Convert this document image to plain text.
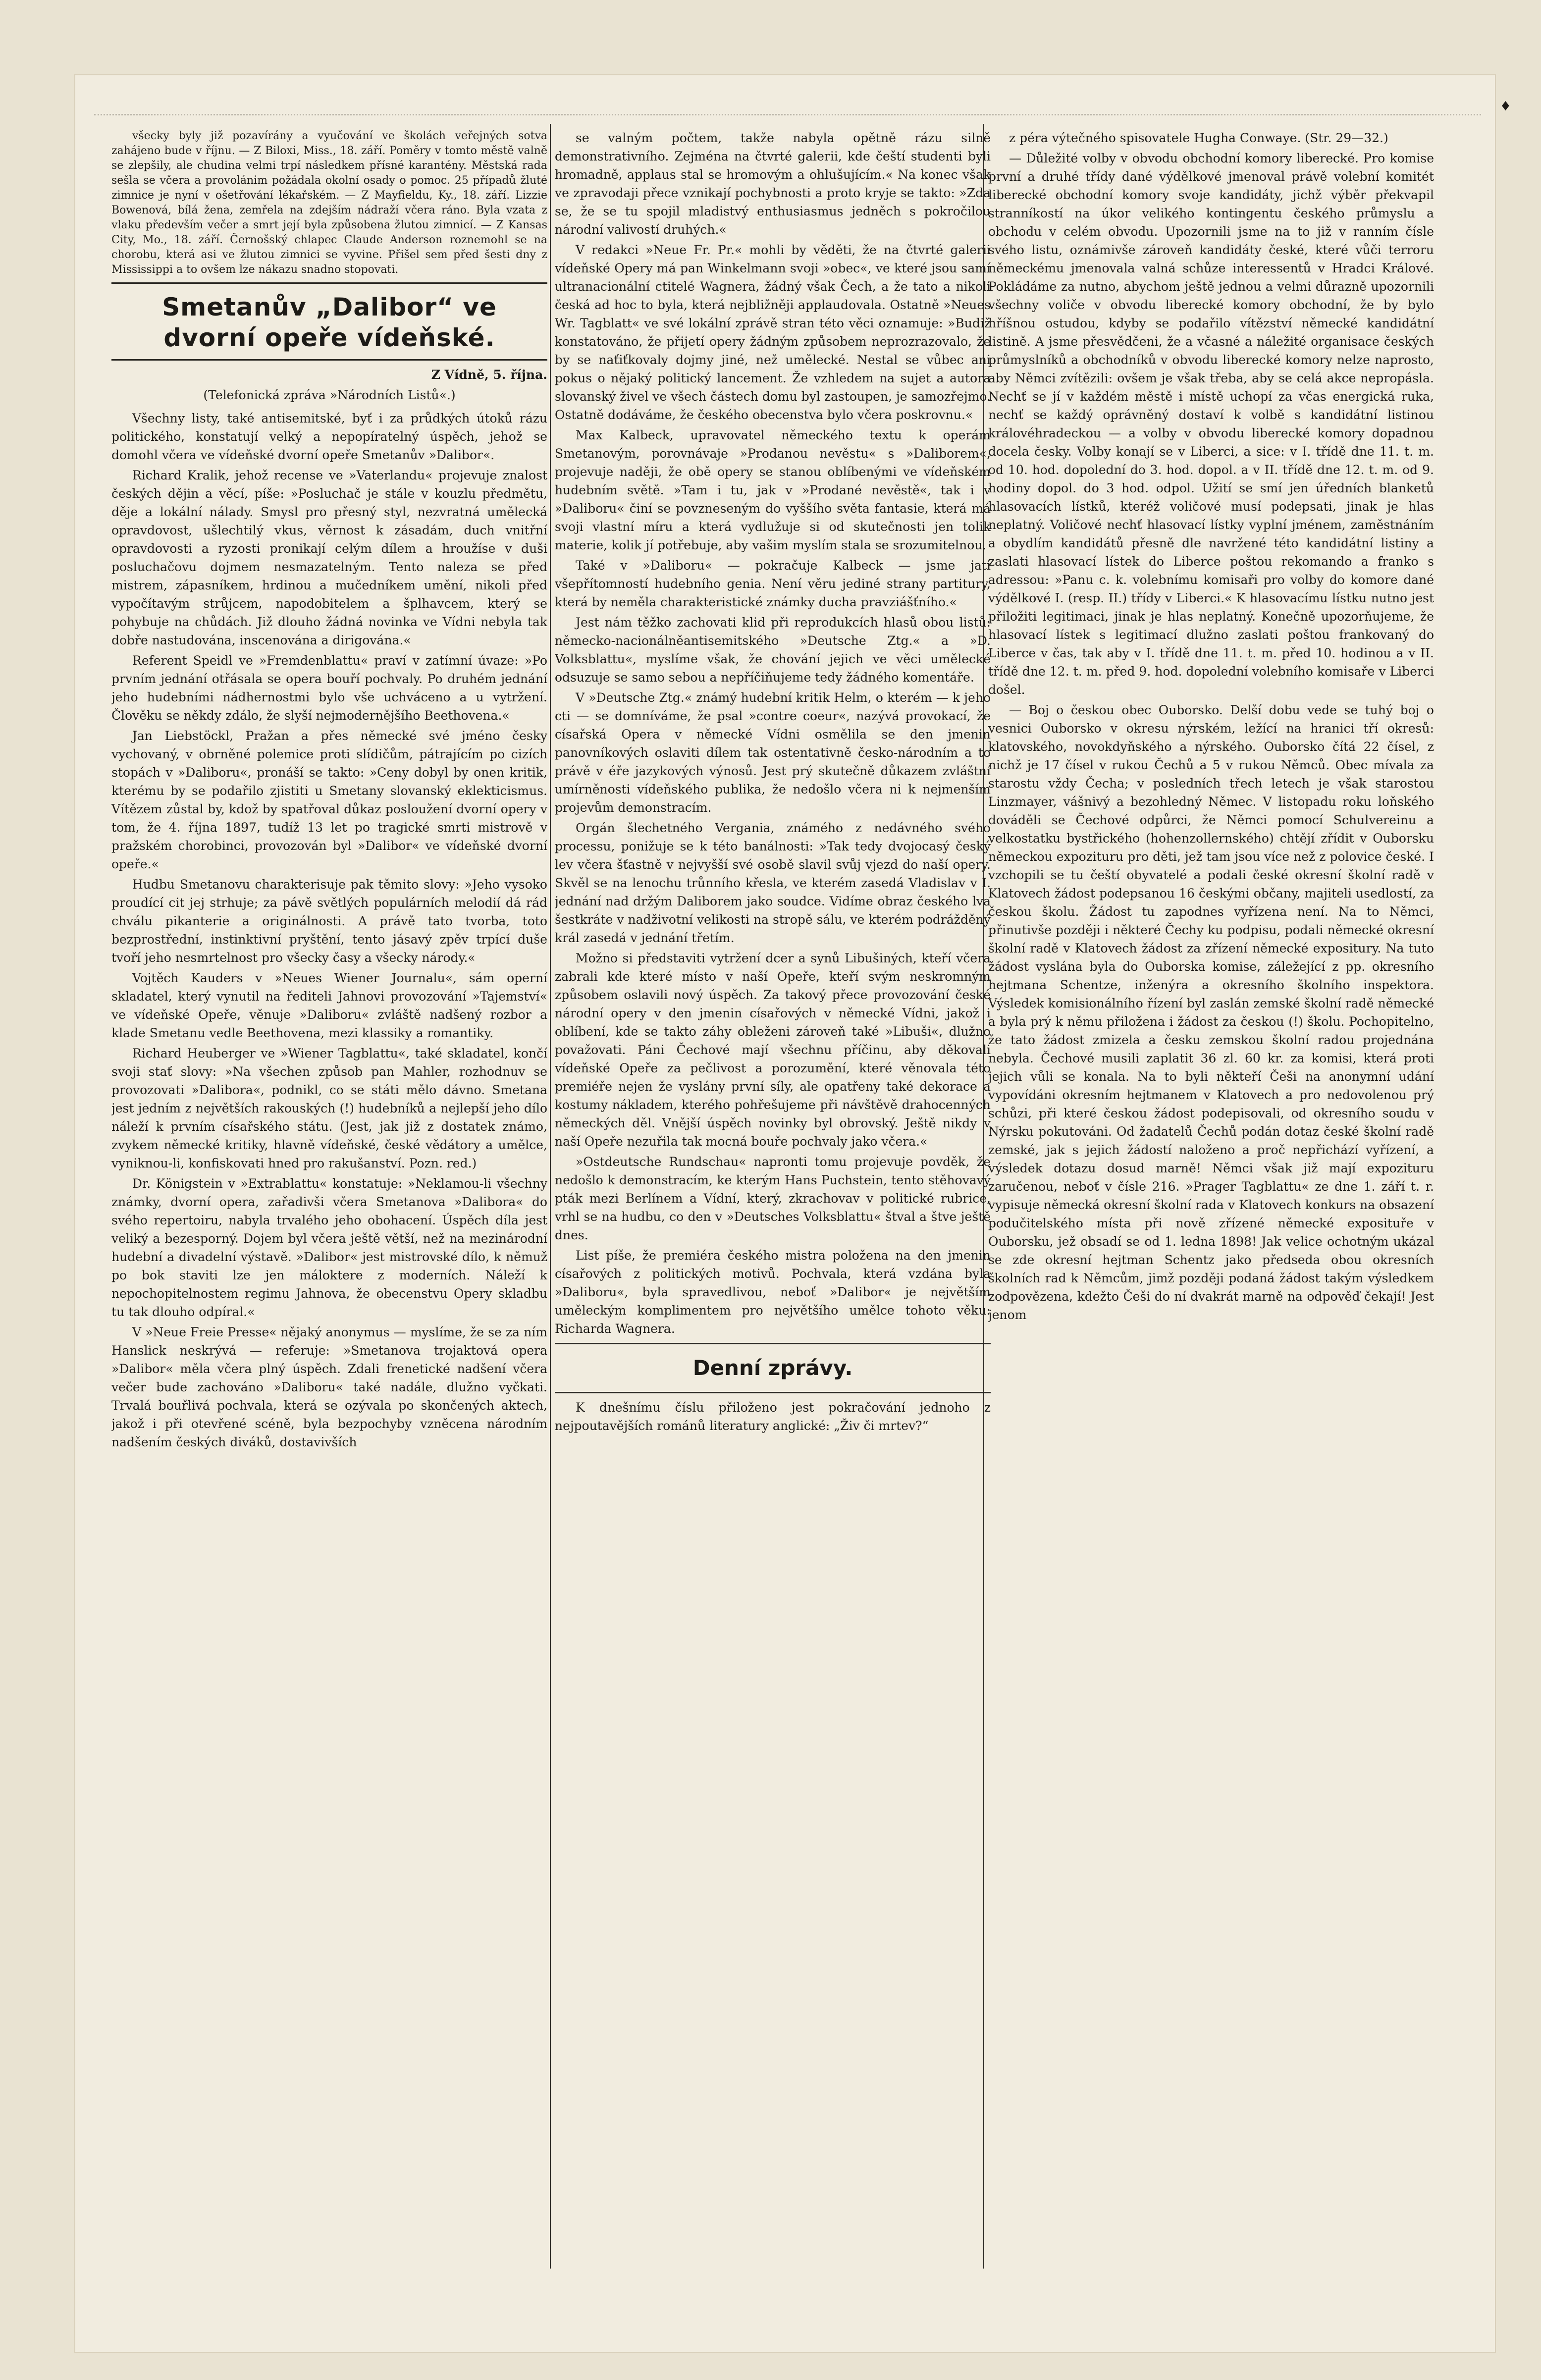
♦

všecky byly již pozavírány a vyučování ve školách veřejných sotva zahájeno bude v říjnu. — Z Biloxi, Miss., 18. září. Poměry v tomto městě valně se zlepšily, ale chudina velmi trpí následkem přísné karantény. Městská rada sešla se včera a provolánim požádala okolní osady o pomoc. 25 případů žluté zimnice je nyní v ošetřování lékařském. — Z Mayfieldu, Ky., 18. září. Lizzie Bowenová, bílá žena, zemřela na zdejším nádraží včera ráno. Byla vzata z vlaku především večer a smrt její byla způsobena žlutou zimnicí. — Z Kansas City, Mo., 18. září. Černošský chlapec Claude Anderson roznemohl se na chorobu, která asi ve žlutou zimnici se vyvine. Přišel sem před šesti dny z Mississippi a to ovšem lze nákazu snadno stopovati.

Smetanův „Dalibor“ ve dvorní opeře vídeňské.
Z Vídně, 5. října.
(Telefonická zpráva »Národních Listů«.)

Všechny listy, také antisemitské, byť i za průdkých útoků rázu politického, konstatují velký a nepopíratelný úspěch, jehož se domohl včera ve vídeňské dvorní opeře Smetanův »Dalibor«.

Richard Kralik, jehož recense ve »Vaterlandu« projevuje znalost českých dějin a věcí, píše: »Posluchač je stále v kouzlu předmětu, děje a lokální nálady. Smysl pro přesný styl, nezvratná umělecká opravdovost, ušlechtilý vkus, věrnost k zásadám, duch vnitřní opravdovosti a ryzosti pronikají celým dílem a hroužíse v duši posluchačovu dojmem nesmazatelným. Tento naleza se před mistrem, zápasníkem, hrdinou a mučedníkem umění, nikoli před vypočítavým strůjcem, napodobitelem a šplhavcem, který se pohybuje na chůdách. Již dlouho žádná novinka ve Vídni nebyla tak dobře nastudována, inscenována a dirigována.«

Referent Speidl ve »Fremdenblattu« praví v zatímní úvaze: »Po prvním jednání otřásala se opera bouří pochvaly. Po druhém jednání jeho hudebními nádhernostmi bylo vše uchváceno a u vytržení. Člověku se někdy zdálo, že slyší nejmodernějšího Beethovena.«

Jan Liebstöckl, Pražan a přes německé své jméno česky vychovaný, v obrněné polemice proti slídičům, pátrajícím po cizích stopách v »Daliboru«, pronáší se takto: »Ceny dobyl by onen kritik, kterému by se podařilo zjistiti u Smetany slovanský eklekticismus. Vítězem zůstal by, kdož by spatřoval důkaz posloužení dvorní opery v tom, že 4. října 1897, tudíž 13 let po tragické smrti mistrově v pražském chorobinci, provozován byl »Dalibor« ve vídeňské dvorní opeře.«

Hudbu Smetanovu charakterisuje pak těmito slovy: »Jeho vysoko proudící cit jej strhuje; za pávě světlých populárních melodií dá ráď chválu pikanterie a originálnosti. A právě tato tvorba, toto bezprostřední, instinktivní pryštění, tento jásavý zpěv trpící duše tvoří jeho nesmrtelnost pro všecky časy a všecky národy.«

Vojtěch Kauders v »Neues Wiener Journalu«, sám operní skladatel, který vynutil na řediteli Jahnovi provozování »Tajemství« ve vídeňské Opeře, věnuje »Daliboru« zvláště nadšený rozbor a klade Smetanu vedle Beethovena, mezi klassiky a romantiky.

Richard Heuberger ve »Wiener Tagblattu«, také skladatel, končí svoji stať slovy: »Na všechen způsob pan Mahler, rozhodnuv se provozovati »Dalibora«, podnikl, co se státi mělo dávno. Smetana jest jedním z největších rakouských (!) hudebníků a nejlepší jeho dílo náleží k prvním císařského státu. (Jest, jak již z dostatek známo, zvykem německé kritiky, hlavně vídeňské, české vědátory a umělce, vyniknou-li, konfiskovati hned pro rakušanství. Pozn. red.)

Dr. Königstein v »Extrablattu« konstatuje: »Neklamou-li všechny známky, dvorní opera, zařadivši včera Smetanova »Dalibora« do svého repertoiru, nabyla trvalého jeho obohacení. Úspěch díla jest veliký a bezesporný. Dojem byl včera ještě větší, než na mezinárodní hudební a divadelní výstavě. »Dalibor« jest mistrovské dílo, k němuž po bok staviti lze jen máloktere z moderních. Náleží k nepochopitelnostem regimu Jahnova, že obecenstvu Opery skladbu tu tak dlouho odpíral.«

V »Neue Freie Presse« nějaký anonymus — myslíme, že se za ním Hanslick neskrývá — referuje: »Smetanova trojaktová opera »Dalibor« měla včera plný úspěch. Zdali frenetické nadšení včera večer bude zachováno »Daliboru« také nadále, dlužno vyčkati. Trvalá bouřlivá pochvala, která se ozývala po skončených aktech, jakož i při otevřené scéně, byla bezpochyby vzněcena národním nadšením českých diváků, dostavivších

se valným počtem, takže nabyla opětně rázu silně demonstrativního. Zejména na čtvrté galerii, kde čeští studenti byli hromadně, applaus stal se hromovým a ohlušujícím.« Na konec však ve zpravodaji přece vznikají pochybnosti a proto kryje se takto: »Zda se, že se tu spojil mladistvý enthusiasmus jedněch s pokročilou národní valivostí druhých.«

V redakci »Neue Fr. Pr.« mohli by věděti, že na čtvrté galerii vídeňské Opery má pan Winkelmann svoji »obec«, ve které jsou samí ultranacionální ctitelé Wagnera, žádný však Čech, a že tato a nikoli česká ad hoc to byla, která nejbližněji applaudovala. Ostatně »Neues Wr. Tagblatt« ve své lokální zprávě stran této věci oznamuje: »Budiž konstatováno, že přijetí opery žádným způsobem neprozrazovalo, že by se naťiťkovaly dojmy jiné, než umělecké. Nestal se vůbec ani pokus o nějaký politický lancement. Že vzhledem na sujet a autora slovanský živel ve všech částech domu byl zastoupen, je samozřejmo. Ostatně dodáváme, že českého obecenstva bylo včera poskrovnu.«

Max Kalbeck, upravovatel německého textu k operám Smetanovým, porovnávaje »Prodanou nevěstu« s »Daliborem«, projevuje naději, že obě opery se stanou oblíbenými ve vídeňském hudebním světě. »Tam i tu, jak v »Prodané nevěstě«, tak i v »Daliboru« činí se povzneseným do vyššího světa fantasie, která má svoji vlastní míru a která vydlužuje si od skutečnosti jen tolik materie, kolik jí potřebuje, aby vašim myslím stala se srozumitelnou.

Také v »Daliboru« — pokračuje Kalbeck — jsme jati všepřítomností hudebního genia. Není věru jediné strany partitury, která by neměla charakteristické známky ducha pravziášťního.«

Jest nám těžko zachovati klid při reprodukcích hlasů obou listů: německo-nacionálněantisemitského »Deutsche Ztg.« a »D. Volksblattu«, myslíme však, že chování jejich ve věci umělecké odsuzuje se samo sebou a nepříčiňujeme tedy žádného komentáře.

V »Deutsche Ztg.« známý hudební kritik Helm, o kterém — k jeho cti — se domníváme, že psal »contre coeur«, nazývá provokací, že císařská Opera v německé Vídni osmělila se den jmenin panovníkových oslaviti dílem tak ostentativně česko-národním a to právě v éře jazykových výnosů. Jest prý skutečně důkazem zvláštní umírněnosti vídeňského publika, že nedošlo včera ni k nejmenším projevům demonstracím.

Orgán šlechetného Vergania, známého z nedávného svého processu, ponižuje se k této banálnosti: »Tak tedy dvojocasý český lev včera šťastně v nejvyšší své osobě slavil svůj vjezd do naší opery. Skvěl se na lenochu trůnního křesla, ve kterém zasedá Vladislav v I. jednání nad držým Daliborem jako soudce. Vidíme obraz českého lva šestkráte v nadživotní velikosti na stropě sálu, ve kterém podrážděný král zasedá v jednání třetím.

Možno si představiti vytržení dcer a synů Libušiných, kteří včera zabrali kde které místo v naší Opeře, kteří svým neskromným způsobem oslavili nový úspěch. Za takový přece provozování české národní opery v den jmenin císařových v německé Vídni, jakož i oblíbení, kde se takto záhy obleženi zároveň také »Libuši«, dlužno považovati. Páni Čechové mají všechnu příčinu, aby děkovali vídeňské Opeře za pečlivost a porozumění, které věnovala této premiéře nejen že vyslány první síly, ale opatřeny také dekorace a kostumy nákladem, kterého pohřešujeme při návštěvě drahocenných německých děl. Vnější úspěch novinky byl obrovský. Ještě nikdy v naší Opeře nezuřila tak mocná bouře pochvaly jako včera.«

»Ostdeutsche Rundschau« napronti tomu projevuje povděk, že nedošlo k demonstracím, ke kterým Hans Puchstein, tento stěhovavý pták mezi Berlínem a Vídní, který, zkrachovav v politické rubrice, vrhl se na hudbu, co den v »Deutsches Volksblattu« štval a štve ještě dnes.

List píše, že premiéra českého mistra položena na den jmenin císařových z politických motivů. Pochvala, která vzdána byla »Daliboru«, byla spravedlivou, neboť »Dalibor« je největším uměleckým komplimentem pro největšího umělce tohoto věku: Richarda Wagnera.

Denní zprávy.

K dnešnímu číslu přiloženo jest pokračování jednoho z nejpoutavějších románů literatury anglické: „Živ či mrtev?“

z péra výtečného spisovatele Hugha Conwaye. (Str. 29—32.)

— Důležité volby v obvodu obchodní komory liberecké. Pro komise první a druhé třídy dané výdělkové jmenoval právě volební komitét liberecké obchodní komory svoje kandidáty, jichž výběr překvapil stranníkostí na úkor velikého kontingentu českého průmyslu a obchodu v celém obvodu. Upozornili jsme na to již v ranním čísle svého listu, oznámivše zároveň kandidáty české, které vůči terroru německému jmenovala valná schůze interessentů v Hradci Králové. Pokládáme za nutno, abychom ještě jednou a velmi důrazně upozornili všechny voliče v obvodu liberecké komory obchodní, že by bylo hříšnou ostudou, kdyby se podařilo vítězství německé kandidátní listině. A jsme přesvědčeni, že a včasné a náležité organisace českých průmyslníků a obchodníků v obvodu liberecké komory nelze naprosto, aby Němci zvítězili: ovšem je však třeba, aby se celá akce nepropásla. Nechť se jí v každém městě i místě uchopí za včas energická ruka, nechť se každý oprávněný dostaví k volbě s kandidátní listinou královéhradeckou — a volby v obvodu liberecké komory dopadnou docela česky. Volby konají se v Liberci, a sice: v I. třídě dne 11. t. m. od 10. hod. dopolední do 3. hod. dopol. a v II. třídě dne 12. t. m. od 9. hodiny dopol. do 3 hod. odpol. Užití se smí jen úředních blanketů hlasovacích lístků, kteréž voličové musí podepsati, jinak je hlas neplatný. Voličové nechť hlasovací lístky vyplní jménem, zaměstnáním a obydlím kandidátů přesně dle navržené této kandidátní listiny a zaslati hlasovací lístek do Liberce poštou rekomando a franko s adressou: »Panu c. k. volebnímu komisaři pro volby do komore dané výdělkové I. (resp. II.) třídy v Liberci.« K hlasovacímu lístku nutno jest přiložiti legitimaci, jinak je hlas neplatný. Konečně upozorňujeme, že hlasovací lístek s legitimací dlužno zaslati poštou frankovaný do Liberce v čas, tak aby v I. třídě dne 11. t. m. před 10. hodinou a v II. třídě dne 12. t. m. před 9. hod. dopolední volebního komisaře v Liberci došel.

— Boj o českou obec Ouborsko. Delší dobu vede se tuhý boj o vesnici Ouborsko v okresu nýrském, ležící na hranici tří okresů: klatovského, novokdyňského a nýrského. Ouborsko čítá 22 čísel, z nichž je 17 čísel v rukou Čechů a 5 v rukou Němců. Obec mívala za starostu vždy Čecha; v posledních třech letech je však starostou Linzmayer, vášnivý a bezohledný Němec. V listopadu roku loňského dováděli se Čechové odpůrci, že Němci pomocí Schulvereinu a velkostatku bystřického (hohenzollernského) chtějí zřídit v Ouborsku německou expozituru pro děti, jež tam jsou více než z polovice české. I vzchopili se tu čeští obyvatelé a podali české okresní školní radě v Klatovech žádost podepsanou 16 českými občany, majiteli usedlostí, za českou školu. Žádost tu zapodnes vyřízena není. Na to Němci, přinutivše později i některé Čechy ku podpisu, podali německé okresní školní radě v Klatovech žádost za zřízení německé expositury. Na tuto žádost vyslána byla do Ouborska komise, záležející z pp. okresního hejtmana Schentze, inženýra a okresního školního inspektora. Výsledek komisionálního řízení byl zaslán zemské školní radě německé a byla prý k němu přiložena i žádost za českou (!) školu. Pochopitelno, že tato žádost zmizela a česku zemskou školní radou projednána nebyla. Čechové musili zaplatit 36 zl. 60 kr. za komisi, která proti jejich vůli se konala. Na to byli někteří Češi na anonymní udání vypovídáni okresním hejtmanem v Klatovech a pro nedovolenou prý schůzi, při které českou žádost podepisovali, od okresního soudu v Nýrsku pokutováni. Od žadatelů Čechů podán dotaz české školní radě zemské, jak s jejich žádostí naloženo a proč nepřichází vyřízení, a výsledek dotazu dosud marně! Němci však již mají expozituru zaručenou, neboť v čísle 216. »Prager Tagblattu« ze dne 1. září t. r. vypisuje německá okresní školní rada v Klatovech konkurs na obsazení podučitelského místa při nově zřízené německé exposituře v Ouborsku, jež obsadí se od 1. ledna 1898! Jak velice ochotným ukázal se zde okresní hejtman Schentz jako předseda obou okresních školních rad k Němcům, jimž později podaná žádost takým výsledkem zodpovězena, kdežto Češi do ní dvakrát marně na odpověď čekají! Jest jenom
